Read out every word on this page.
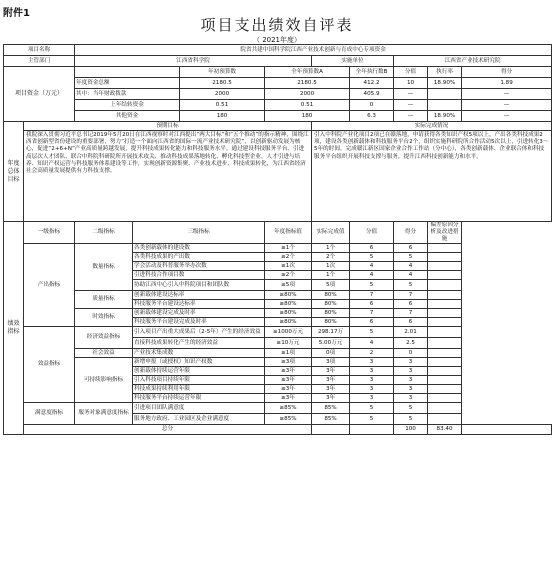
附件1
项目支出绩效自评表
（ 2021年度）
项目名称		院省共建中国科学院江西产业技术创新与育成中心专项资金								
主管部门		江西省科学院				实施单位		江西省产业技术研究院		
项目资金（万元）				年初预算数	全年预算数A		全年执行数B	分值	执行率	得分
		年度资金总额		2180.5	2180.5		412.2	10	18.90%	1.89
		其中：当年财政拨款		2000	2000		405.9	—		—
		上年结转资金		0.51	0.51		0	—		—
		其他资金		180	180		6.3	—	18.90%	—
年度总体目标	预期目标					实际完成情况				
	我院深入贯彻习近平总书记2019年5月20日在江西视察时对江西提出“两大目标”和“五个推动”的指示精神，围绕江西省创新型省份建设的重要部署，努力“打造一个面向江西省的国际一流产业技术研究院”，以创新驱动发展为核心，促进“2+6+N”产业高质量跨越发展，提升科技成果转化能力和科技服务水平。通过建设科技服务平台、引进高层次人才团队、联合中科院科研院所开展技术攻关、推动科技成果落地转化、孵化科技型企业，人才引进与培养、知识产权运营与科技服务体系建设等工作，实现创新资源集聚、产业技术进步、科技成果转化，为江西省经济社会高质量发展提供有力科技支撑。					引入中科院产业化项目2项已在赣落地，申请获得各类知识产权5项以上，产出各类科技成果2项，建设各类创新载体和科技服务平台2个，组织实施科研院所合作活动5次以上，引进转化3～5年的时间，完成赣江新区国家企业合作工作站（分中心），各类创新载体、企业联合体和科技服务平台组织开展科技支撑与服务，提升江西科技创新能力和水平。				
绩效指标	一级指标	二级指标	三级指标		年度指标值	实际完成值	分值	得分	偏差原因分析及改进措施	
	产出指标	数量指标	各类创新载体的建设数		≥1个	1个	6	6		
			各类科技成果的产出数		≥2个	2个	5	5		
			学会活动及科普服务举办次数		≥1次	1次	4	4		
			引进科技合作项目数		≥2个	1个	4	4		
			协助江西中心引入中科院项目和团队数		≥5项	5项	5	5		
		质量指标	创新载体建设达标率		≥80%	80%	7	7		
			科技服务平台建设达标率		≥80%	80%	6	6		
		时效指标	创新载体建设完成及时率		≥80%	80%	7	7		
			科技服务平台建设完成及时率		≥80%	80%	6	6		
	效益指标	经济效益指标	引入项目产出重大成果后（2-5年）产生的经济效益		≥1000万元	298.17万	5	2.01		
			直接科技成果转化产生的经济效益		≥10万元	5.00万元	4	2.5		
		社会效益	产业技术集成数		≥1项	0项	2	0		
		可持续影响指标	新增申报（或授权）知识产权数		≥3项	3项	3	3		
			创新载体持续运营年限		≥3年	3年	3	3		
			引入科技项目持续年限		≥3年	3年	3	3		
			科技成果持续利用年限		≥3年	3年	3	3		
			科技服务平台持续运营年限		≥3年	3年	3	3		
	满意度指标	服务对象满意度指标	引进项目团队满意度		≥85%	85%	5	5		
			服务地方政府、工业园区及企业满意度		≥85%	85%	5	5		
	总分							100	83.40	
